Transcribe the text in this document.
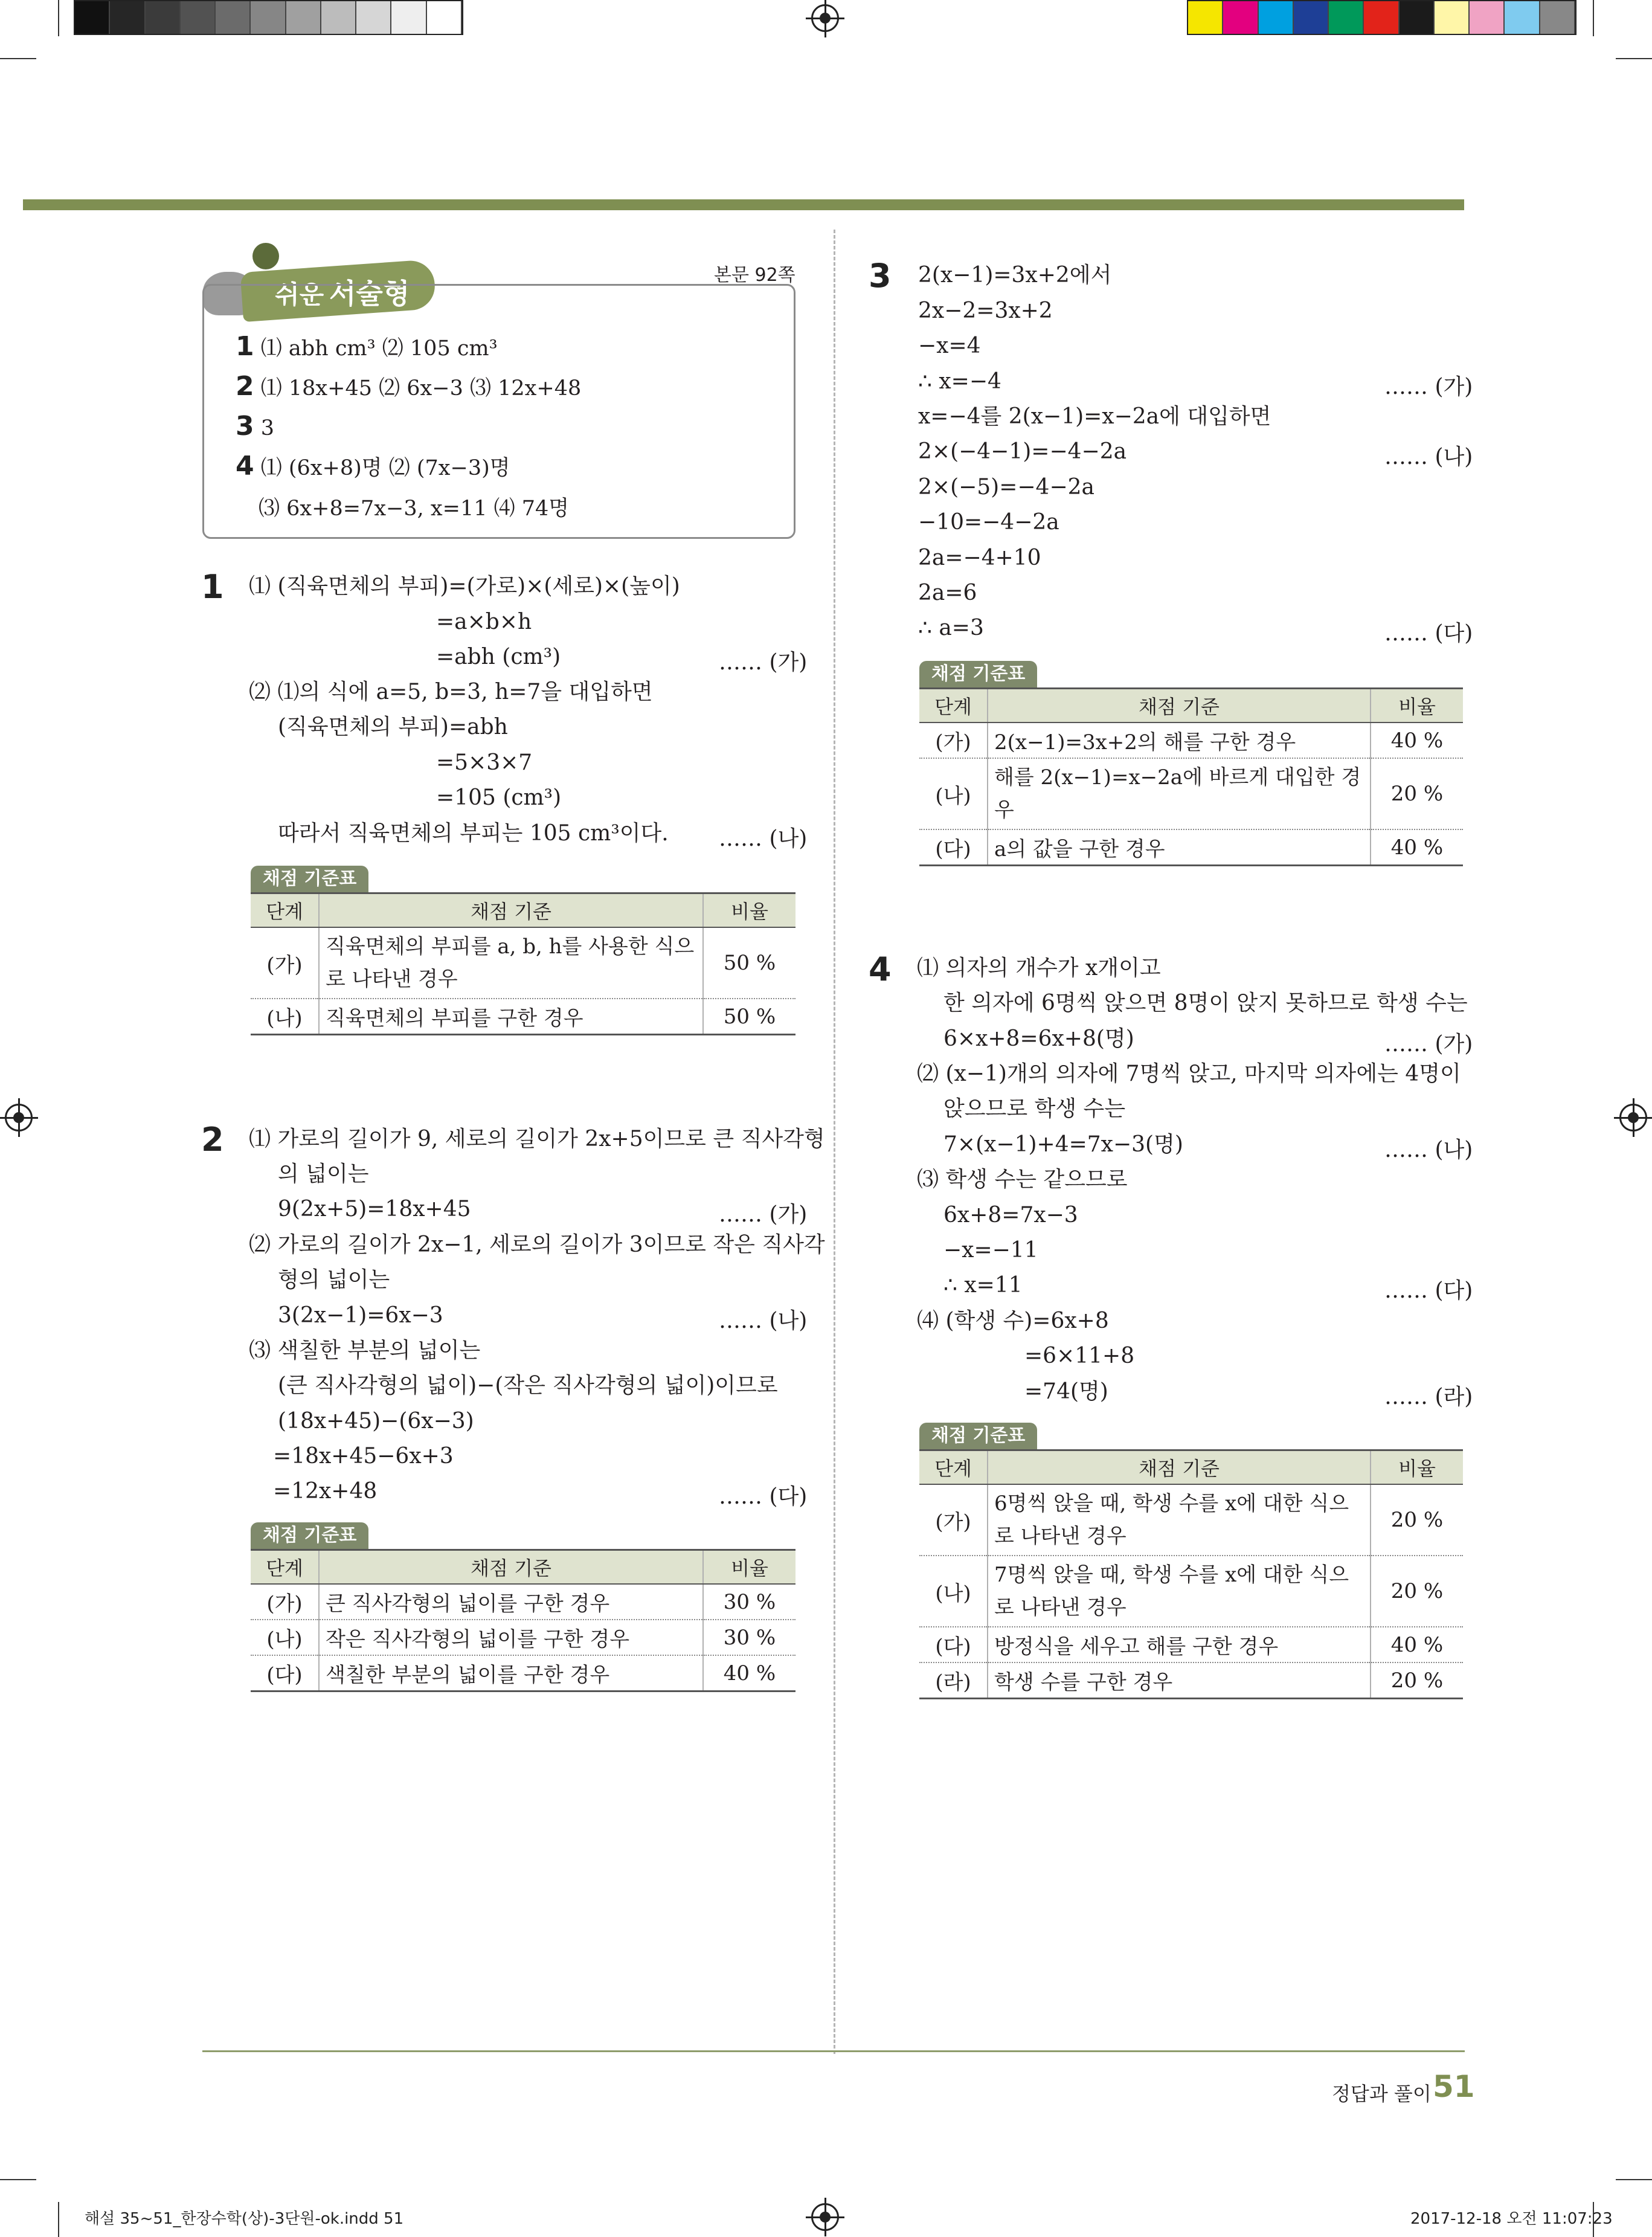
쉬운 서술형
본문 92쪽
1 ⑴ abh cm³ ⑵ 105 cm³
2 ⑴ 18x+45 ⑵ 6x−3 ⑶ 12x+48
3 3
4 ⑴ (6x+8)명 ⑵ (7x−3)명
⑶ 6x+8=7x−3, x=11 ⑷ 74명
1 ⑴ (직육면체의 부피)=(가로)×(세로)×(높이)
=a×b×h
=abh (cm³)	…… (가)
⑵ ⑴의 식에 a=5, b=3, h=7을 대입하면
(직육면체의 부피)=abh
=5×3×7
=105 (cm³)
따라서 직육면체의 부피는 105 cm³이다. …… (나)
채점 기준표
단계	채점 기준	비율
(가)	직육면체의 부피를 a, b, h를 사용한 식으 로 나타낸 경우	50 %
(나)	직육면체의 부피를 구한 경우	50 %
2 ⑴ 가로의 길이가 9, 세로의 길이가 2x+5이므로 큰 직사각형
의 넓이는
9(2x+5)=18x+45	…… (가)
⑵ 가로의 길이가 2x−1, 세로의 길이가 3이므로 작은 직사각
형의 넓이는
3(2x−1)=6x−3	…… (나)
⑶ 색칠한 부분의 넓이는
(큰 직사각형의 넓이)−(작은 직사각형의 넓이)이므로
(18x+45)−(6x−3)
=18x+45−6x+3
=12x+48	…… (다)
채점 기준표
단계	채점 기준	비율
(가)	큰 직사각형의 넓이를 구한 경우	30 %
(나)	작은 직사각형의 넓이를 구한 경우	30 %
(다)	색칠한 부분의 넓이를 구한 경우	40 %
3 2(x−1)=3x+2에서
2x−2=3x+2
−x=4
∴ x=−4	…… (가)
x=−4를 2(x−1)=x−2a에 대입하면
2×(−4−1)=−4−2a	…… (나)
2×(−5)=−4−2a
−10=−4−2a
2a=−4+10
2a=6
∴ a=3	…… (다)
채점 기준표
단계	채점 기준	비율
(가)	2(x−1)=3x+2의 해를 구한 경우	40 %
(나)	해를 2(x−1)=x−2a에 바르게 대입한 경우	20 %
(다)	a의 값을 구한 경우	40 %
4 ⑴ 의자의 개수가 x개이고
한 의자에 6명씩 앉으면 8명이 앉지 못하므로 학생 수는
6×x+8=6x+8(명)	…… (가)
⑵ (x−1)개의 의자에 7명씩 앉고, 마지막 의자에는 4명이
앉으므로 학생 수는
7×(x−1)+4=7x−3(명)	…… (나)
⑶ 학생 수는 같으므로
6x+8=7x−3
−x=−11
∴ x=11	…… (다)
⑷ (학생 수)=6x+8
=6×11+8
=74(명)	…… (라)
채점 기준표
단계	채점 기준	비율
(가)	6명씩 앉을 때, 학생 수를 x에 대한 식으로 나타낸 경우	20 %
(나)	7명씩 앉을 때, 학생 수를 x에 대한 식으로 나타낸 경우	20 %
(다)	방정식을 세우고 해를 구한 경우	40 %
(라)	학생 수를 구한 경우	20 %
정답과 풀이 51
해설 35~51_한장수학(상)-3단원-ok.indd 51	2017-12-18 오전 11:07:23
